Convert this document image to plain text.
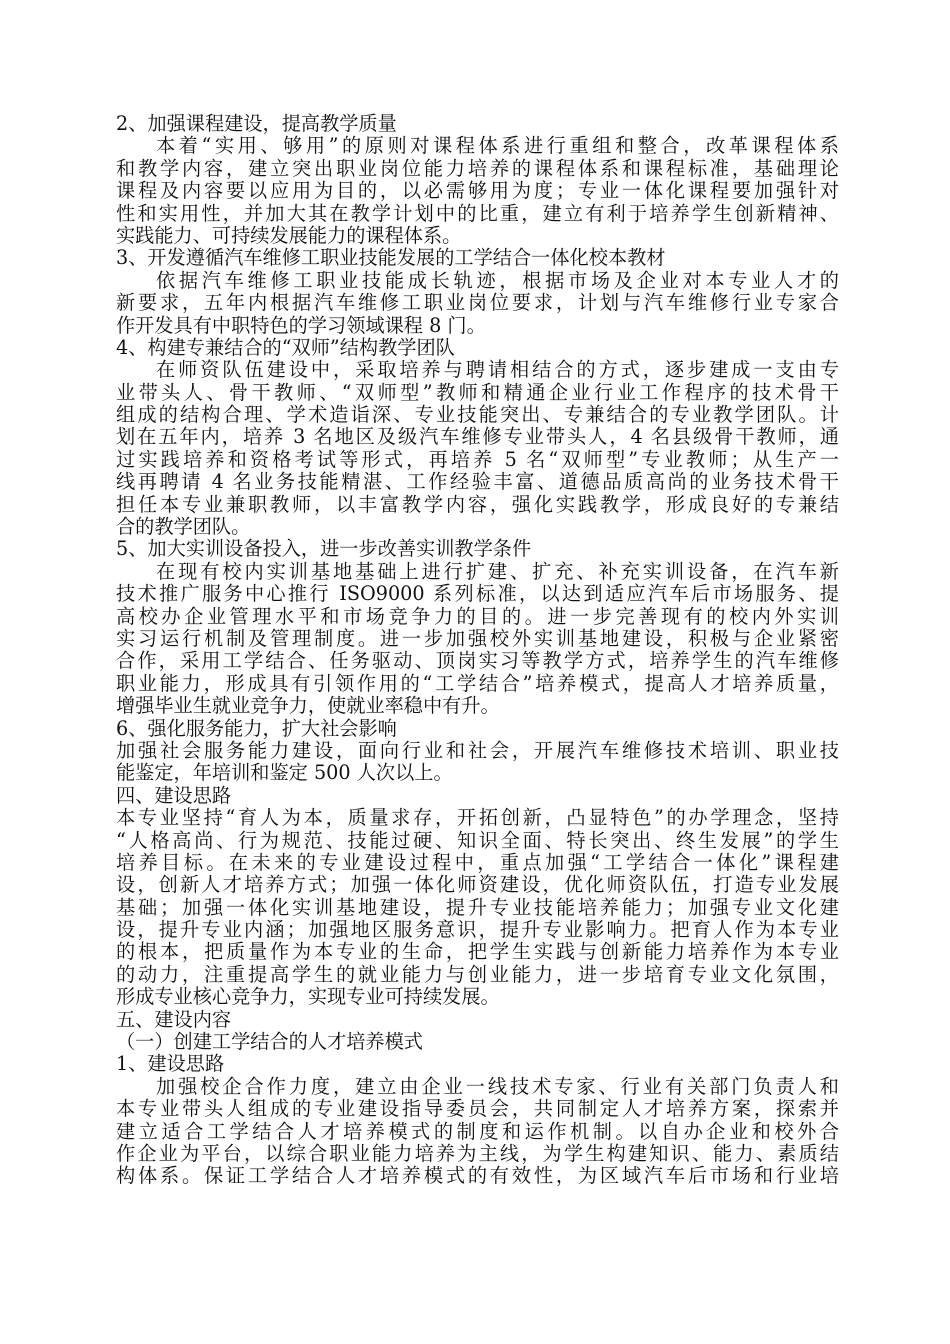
2、加强课程建设，提高教学质量
本着“实用、够用”的原则对课程体系进行重组和整合，改革课程体系
和教学内容，建立突出职业岗位能力培养的课程体系和课程标准，基础理论
课程及内容要以应用为目的，以必需够用为度；专业一体化课程要加强针对
性和实用性，并加大其在教学计划中的比重，建立有利于培养学生创新精神、
实践能力、可持续发展能力的课程体系。
3、开发遵循汽车维修工职业技能发展的工学结合一体化校本教材
依据汽车维修工职业技能成长轨迹，根据市场及企业对本专业人才的
新要求，五年内根据汽车维修工职业岗位要求，计划与汽车维修行业专家合
作开发具有中职特色的学习领域课程 8 门。
4、构建专兼结合的“双师”结构教学团队
在师资队伍建设中，采取培养与聘请相结合的方式，逐步建成一支由专
业带头人、骨干教师、“双师型”教师和精通企业行业工作程序的技术骨干
组成的结构合理、学术造诣深、专业技能突出、专兼结合的专业教学团队。计
划在五年内，培养 3 名地区及级汽车维修专业带头人，4 名县级骨干教师，通
过实践培养和资格考试等形式，再培养 5 名“双师型”专业教师；从生产一
线再聘请 4 名业务技能精湛、工作经验丰富、道德品质高尚的业务技术骨干
担任本专业兼职教师，以丰富教学内容，强化实践教学，形成良好的专兼结
合的教学团队。
5、加大实训设备投入，进一步改善实训教学条件
在现有校内实训基地基础上进行扩建、扩充、补充实训设备，在汽车新
技术推广服务中心推行 ISO9000 系列标准，以达到适应汽车后市场服务、提
高校办企业管理水平和市场竞争力的目的。进一步完善现有的校内外实训
实习运行机制及管理制度。进一步加强校外实训基地建设，积极与企业紧密
合作，采用工学结合、任务驱动、顶岗实习等教学方式，培养学生的汽车维修
职业能力，形成具有引领作用的“工学结合”培养模式，提高人才培养质量，
增强毕业生就业竞争力，使就业率稳中有升。
6、强化服务能力，扩大社会影响
加强社会服务能力建设，面向行业和社会，开展汽车维修技术培训、职业技
能鉴定，年培训和鉴定 500 人次以上。
四、建设思路
本专业坚持“育人为本，质量求存，开拓创新，凸显特色”的办学理念，坚持
“人格高尚、行为规范、技能过硬、知识全面、特长突出、终生发展”的学生
培养目标。在未来的专业建设过程中，重点加强“工学结合一体化”课程建
设，创新人才培养方式；加强一体化师资建设，优化师资队伍，打造专业发展
基础；加强一体化实训基地建设，提升专业技能培养能力；加强专业文化建
设，提升专业内涵；加强地区服务意识，提升专业影响力。把育人作为本专业
的根本，把质量作为本专业的生命，把学生实践与创新能力培养作为本专业
的动力，注重提高学生的就业能力与创业能力，进一步培育专业文化氛围，
形成专业核心竞争力，实现专业可持续发展。
五、建设内容
（一）创建工学结合的人才培养模式
1、建设思路
加强校企合作力度，建立由企业一线技术专家、行业有关部门负责人和
本专业带头人组成的专业建设指导委员会，共同制定人才培养方案，探索并
建立适合工学结合人才培养模式的制度和运作机制。以自办企业和校外合
作企业为平台，以综合职业能力培养为主线，为学生构建知识、能力、素质结
构体系。保证工学结合人才培养模式的有效性，为区域汽车后市场和行业培
